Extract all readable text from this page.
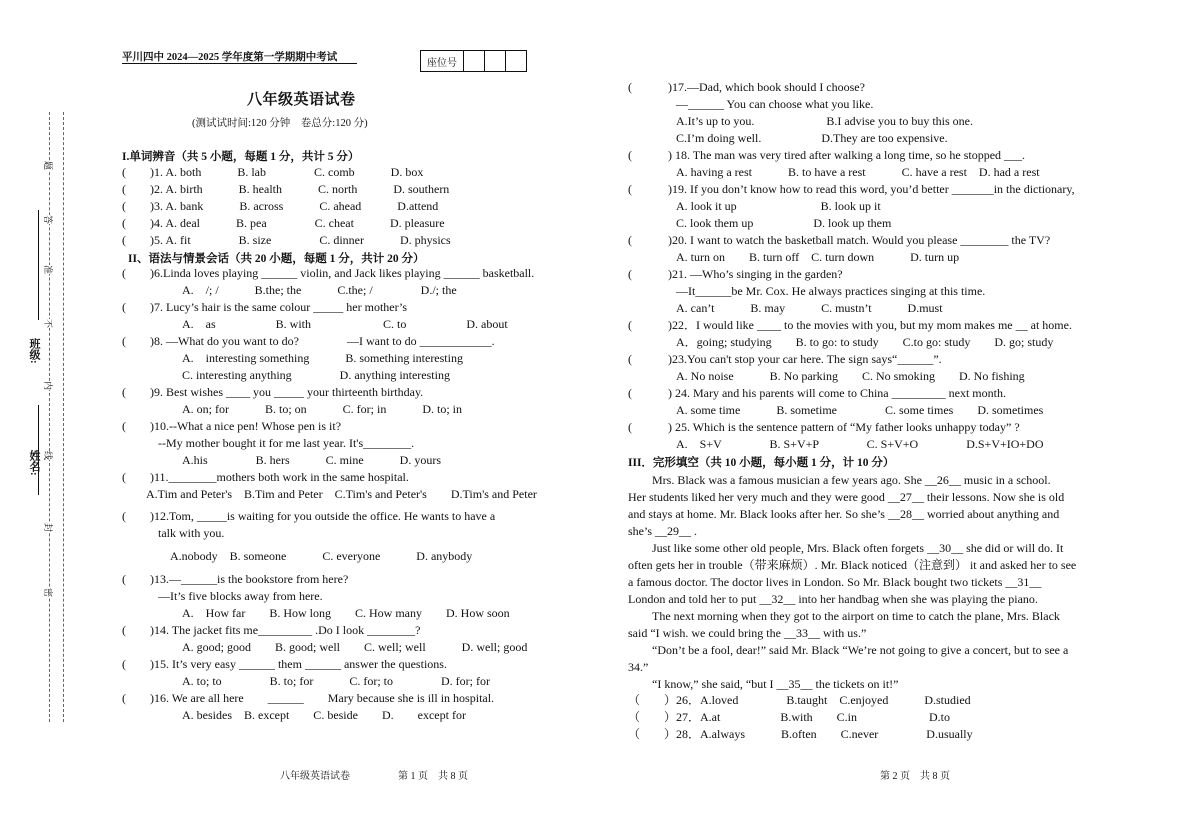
平川四中 2024—2025 学年度第一学期期中考试
座位号
八年级英语试卷
(测试试时间:120 分钟　卷总分:120 分)
密
封
线
内
不
准
答
题
姓名:
班级:
I.单词辨音（共 5 小题，每题 1 分，共计 5 分）
(　　)1. A. both　　　B. lab　　　　C. comb　　　D. box
(　　)2. A. birth　　　B. health　　　C. north　　　D. southern
(　　)3. A. bank　　　B. across　　　C. ahead　　　D.attend
(　　)4. A. deal　　　B. pea　　　　C. cheat　　　D. pleasure
(　　)5. A. fit　　　　B. size　　　　C. dinner　　　D. physics
II、语法与情景会话（共 20 小题，每题 1 分，共计 20 分）
(　　)6.Linda loves playing ______ violin, and Jack likes playing ______ basketball.
　　　　　A.　/; /　　　B.the; the　　　C.the; /　　　　D./; the
(　　)7. Lucy’s hair is the same colour _____ her mother’s
　　　　　A.　as　　　　　B. with　　　　　　C. to　　　　　D. about
(　　)8. —What do you want to do?　　　　—I want to do ____________.
　　　　　A.　interesting something　　　B. something interesting
　　　　　C. interesting anything　　　　D. anything interesting
(　　)9. Best wishes ____ you _____ your thirteenth birthday.
　　　　　A. on; for　　　B. to; on　　　C. for; in　　　D. to; in
(　　)10.--What a nice pen! Whose pen is it?
　　　--My mother bought it for me last year. It's________.
　　　　　A.his　　　　B. hers　　　C. mine　　　D. yours
(　　)11.________mothers both work in the same hospital.
　　A.Tim and Peter's　B.Tim and Peter　C.Tim's and Peter's　　D.Tim's and Peter
(　　)12.Tom, _____is waiting for you outside the office. He wants to have a
　　　talk with you.
　　　　A.nobody　B. someone　　　C. everyone　　　D. anybody
(　　)13.—______is the bookstore from here?
　　　—It’s five blocks away from here.
　　　　　A.　How far　　B. How long　　C. How many　　D. How soon
(　　)14. The jacket fits me_________ .Do I look ________?
　　　　　A. good; good　　B. good; well　　C. well; well　　　D. well; good
(　　)15. It’s very easy ______ them ______ answer the questions.
　　　　　A. to; to　　　　B. to; for　　　C. for; to　　　　D. for; for
(　　)16. We are all here　　______　　Mary because she is ill in hospital.
　　　　　A. besides　B. except　　C. beside　　D.　　except for
(　　　)17.—Dad, which book should I choose?
　　　　—______ You can choose what you like.
　　　　A.It’s up to you.　　　　　　B.I advise you to buy this one.
　　　　C.I’m doing well.　　　　　D.They are too expensive.
(　　　) 18. The man was very tired after walking a long time, so he stopped ___.
　　　　A. having a rest　　　B. to have a rest　　　C. have a rest　D. had a rest
(　　　)19. If you don’t know how to read this word, you’d better _______in the dictionary,
　　　　A. look it up　　　　　　　B. look up it
　　　　C. look them up　　　　　D. look up them
(　　　)20. I want to watch the basketball match. Would you please ________ the TV?
　　　　A. turn on　　B. turn off　C. turn down　　　D. turn up
(　　　)21. —Who’s singing in the garden?
　　　　—It______be Mr. Cox. He always practices singing at this time.
　　　　A. can’t　　　B. may　　　C. mustn’t　　　D.must
(　　　)22．I would like ____ to the movies with you, but my mom makes me __ at home.
　　　　A．going; studying　　B. to go: to study　　C.to go: study　　D. go; study
(　　　)23.You can't stop your car here. The sign says“______”.
　　　　A. No noise　　　B. No parking　　C. No smoking　　D. No fishing
(　　　) 24. Mary and his parents will come to China _________ next month.
　　　　A. some time　　　B. sometime　　　　C. some times　　D. sometimes
(　　　) 25. Which is the sentence pattern of “My father looks unhappy today” ?
　　　　A.　S+V　　　　B. S+V+P　　　　C. S+V+O　　　　D.S+V+IO+DO
III．完形填空（共 10 小题，每小题 1 分，计 10 分）
　　Mrs. Black was a famous musician a few years ago. She __26__ music in a school.
Her students liked her very much and they were good __27__ their lessons. Now she is old
and stays at home. Mr. Black looks after her. So she’s __28__ worried about anything and
she’s __29__ .
　　Just like some other old people, Mrs. Black often forgets __30__ she did or will do. It
often gets her in trouble（带来麻烦）. Mr. Black noticed（注意到） it and asked her to see
a famous doctor. The doctor lives in London. So Mr. Black bought two tickets __31__
London and told her to put __32__ into her handbag when she was playing the piano.
　　The next morning when they got to the airport on time to catch the plane, Mrs. Black
said “I wish. we could bring the __33__ with us.”
　　“Don’t be a fool, dear!” said Mr. Black “We’re not going to give a concert, but to see a
34.”
　　“I know,” she said, “but I __35__ the tickets on it!”
（　　）26．A.loved　　　　B.taught　C.enjoyed　　　D.studied
（　　）27．A.at　　　　　B.with　　C.in　　　　　　D.to
（　　）28．A.always　　　B.often　　C.never　　　　D.usually
八年级英语试卷	第 1 页　共 8 页	第 2 页　共 8 页
